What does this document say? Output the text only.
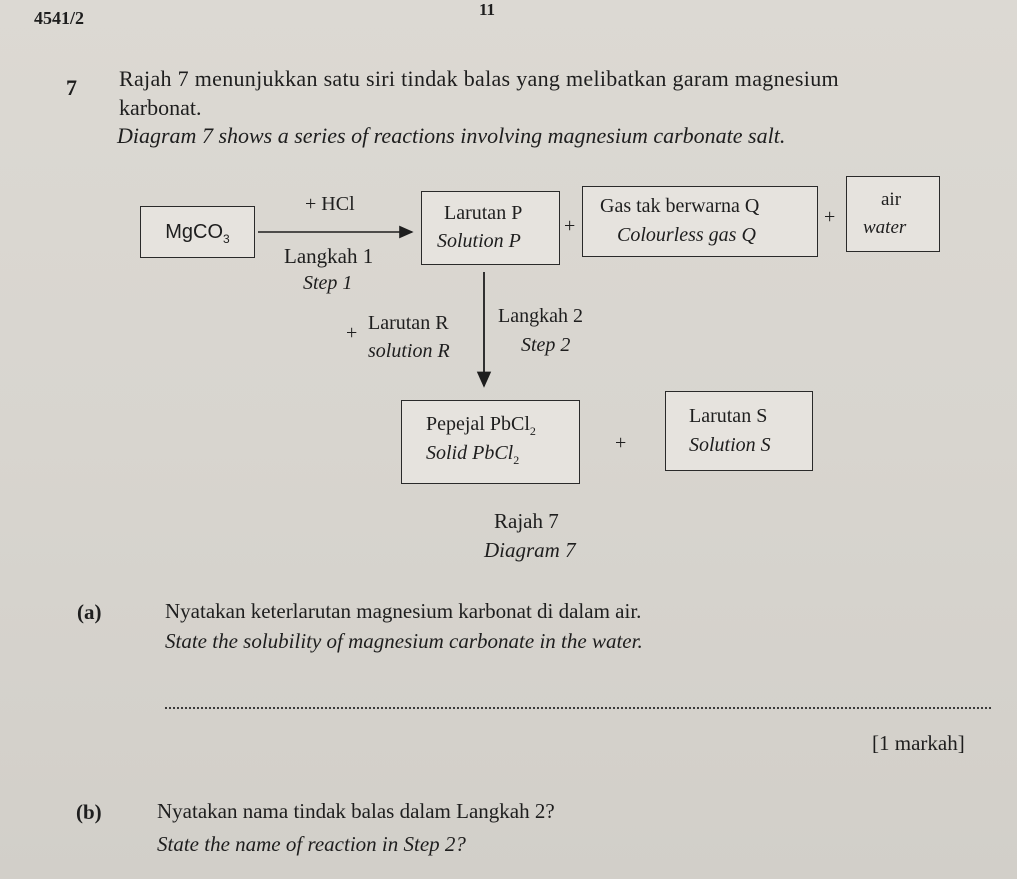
4541/2	11
7 Rajah 7 menunjukkan satu siri tindak balas yang melibatkan garam magnesium
karbonat.
Diagram 7 shows a series of reactions involving magnesium carbonate salt.
MgCO$_3$
+ HCl
Langkah 1
Step 1
Larutan P
Solution P
+
Gas tak berwarna Q
Colourless gas Q
+
air
water
+ Larutan R
solution R
Langkah 2
Step 2
Pepejal PbCl$_2$
Solid PbCl$_2$
+
Larutan S
Solution S
Rajah 7
Diagram 7
(a)	Nyatakan keterlarutan magnesium karbonat di dalam air.
State the solubility of magnesium carbonate in the water.
[1 markah]
(b)	Nyatakan nama tindak balas dalam Langkah 2?
State the name of reaction in Step 2?
